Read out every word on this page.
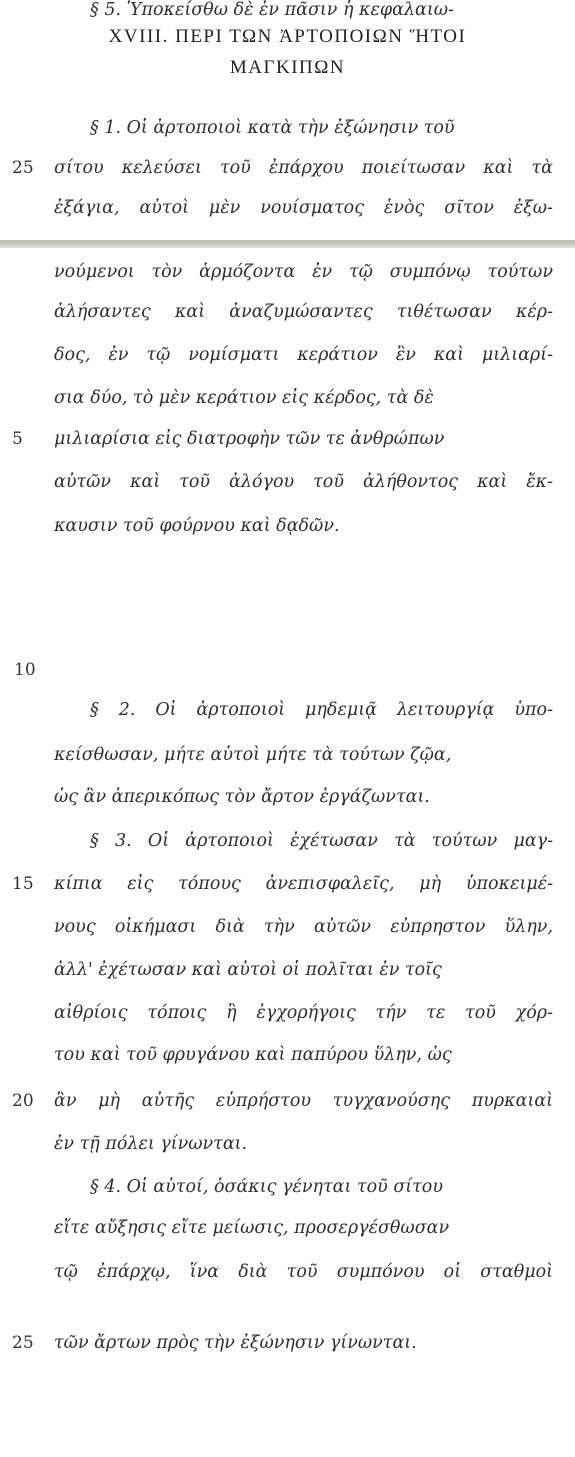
XVIII. ΠΕΡΙ ΤΩΝ ἈΡΤΟΠΟΙΩΝ ἭΤΟΙ
ΜΑΓΚΙΠΩΝ
§ 1. Οἱ ἀρτοποιοὶ κατὰ τὴν ἐξώνησιν τοῦ
25 σίτου κελεύσει τοῦ ἐπάρχου ποιείτωσαν καὶ τὰ
ἐξάγια, αὐτοὶ μὲν νουίσματος ἑνὸς σῖτον ἐξω-
νούμενοι τὸν ἁρμόζοντα ἐν τῷ συμπόνῳ τούτων
ἀλήσαντες καὶ ἀναζυμώσαντες τιθέτωσαν κέρ-
δος, ἐν τῷ νομίσματι κεράτιον ἓν καὶ μιλιαρί-
σια δύο, τὸ μὲν κεράτιον εἰς κέρδος, τὰ δὲ
5 μιλιαρίσια εἰς διατροφὴν τῶν τε ἀνθρώπων
αὐτῶν καὶ τοῦ ἀλόγου τοῦ ἀλήθοντος καὶ ἔκ-
καυσιν τοῦ φούρνου καὶ δᾳδῶν.
10
§ 2. Οἱ ἀρτοποιοὶ μηδεμιᾷ λειτουργίᾳ ὑπο-
κείσθωσαν, μήτε αὐτοὶ μήτε τὰ τούτων ζῷα,
ὡς ἂν ἀπερικόπως τὸν ἄρτον ἐργάζωνται.
§ 3. Οἱ ἀρτοποιοὶ ἐχέτωσαν τὰ τούτων μαγ-
15 κίπια εἰς τόπους ἀνεπισφαλεῖς, μὴ ὑποκειμέ-
νους οἰκήμασι διὰ τὴν αὐτῶν εὐπρηστον ὕλην,
ἀλλ' ἐχέτωσαν καὶ αὐτοὶ οἱ πολῖται ἐν τοῖς
αἰθρίοις τόποις ἢ ἐγχορήγοις τήν τε τοῦ χόρ-
του καὶ τοῦ φρυγάνου καὶ παπύρου ὕλην, ὡς
20 ἂν μὴ αὐτῆς εὐπρήστου τυγχανούσης πυρκαιαὶ
ἐν τῇ πόλει γίνωνται.
§ 4. Οἱ αὐτοί, ὁσάκις γένηται τοῦ σίτου
εἴτε αὔξησις εἴτε μείωσις, προσεργέσθωσαν
τῷ ἐπάρχῳ, ἵνα διὰ τοῦ συμπόνου οἱ σταθμοὶ
25 τῶν ἄρτων πρὸς τὴν ἐξώνησιν γίνωνται.
§ 5. Ὑποκείσθω δὲ ἐν πᾶσιν ἡ κεφαλαιω-
